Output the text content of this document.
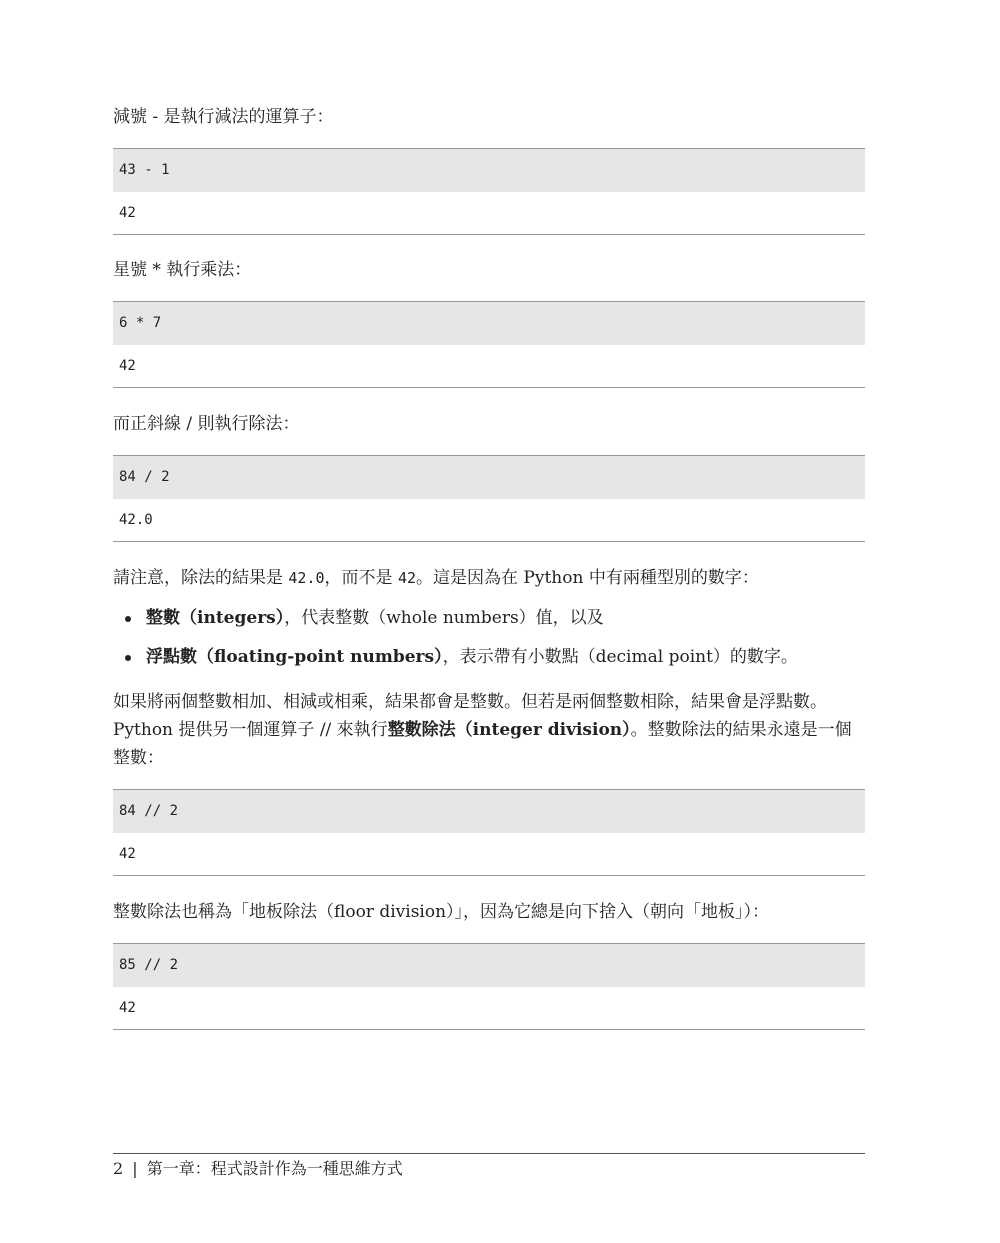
減號 - 是執行減法的運算子：

43 - 1
42

星號 * 執行乘法：

6 * 7
42

而正斜線 / 則執行除法：

84 / 2
42.0

請注意，除法的結果是 42.0，而不是 42。這是因為在 Python 中有兩種型別的數字：

整數（integers），代表整數（whole numbers）值，以及
浮點數（floating-point numbers），表示帶有小數點（decimal point）的數字。

如果將兩個整數相加、相減或相乘，結果都會是整數。但若是兩個整數相除，結果會是浮點數。Python 提供另一個運算子 // 來執行整數除法（integer division）。整數除法的結果永遠是一個整數：

84 // 2
42

整數除法也稱為「地板除法（floor division）」，因為它總是向下捨入（朝向「地板」）：

85 // 2
42
2 | 第一章：程式設計作為一種思維方式
